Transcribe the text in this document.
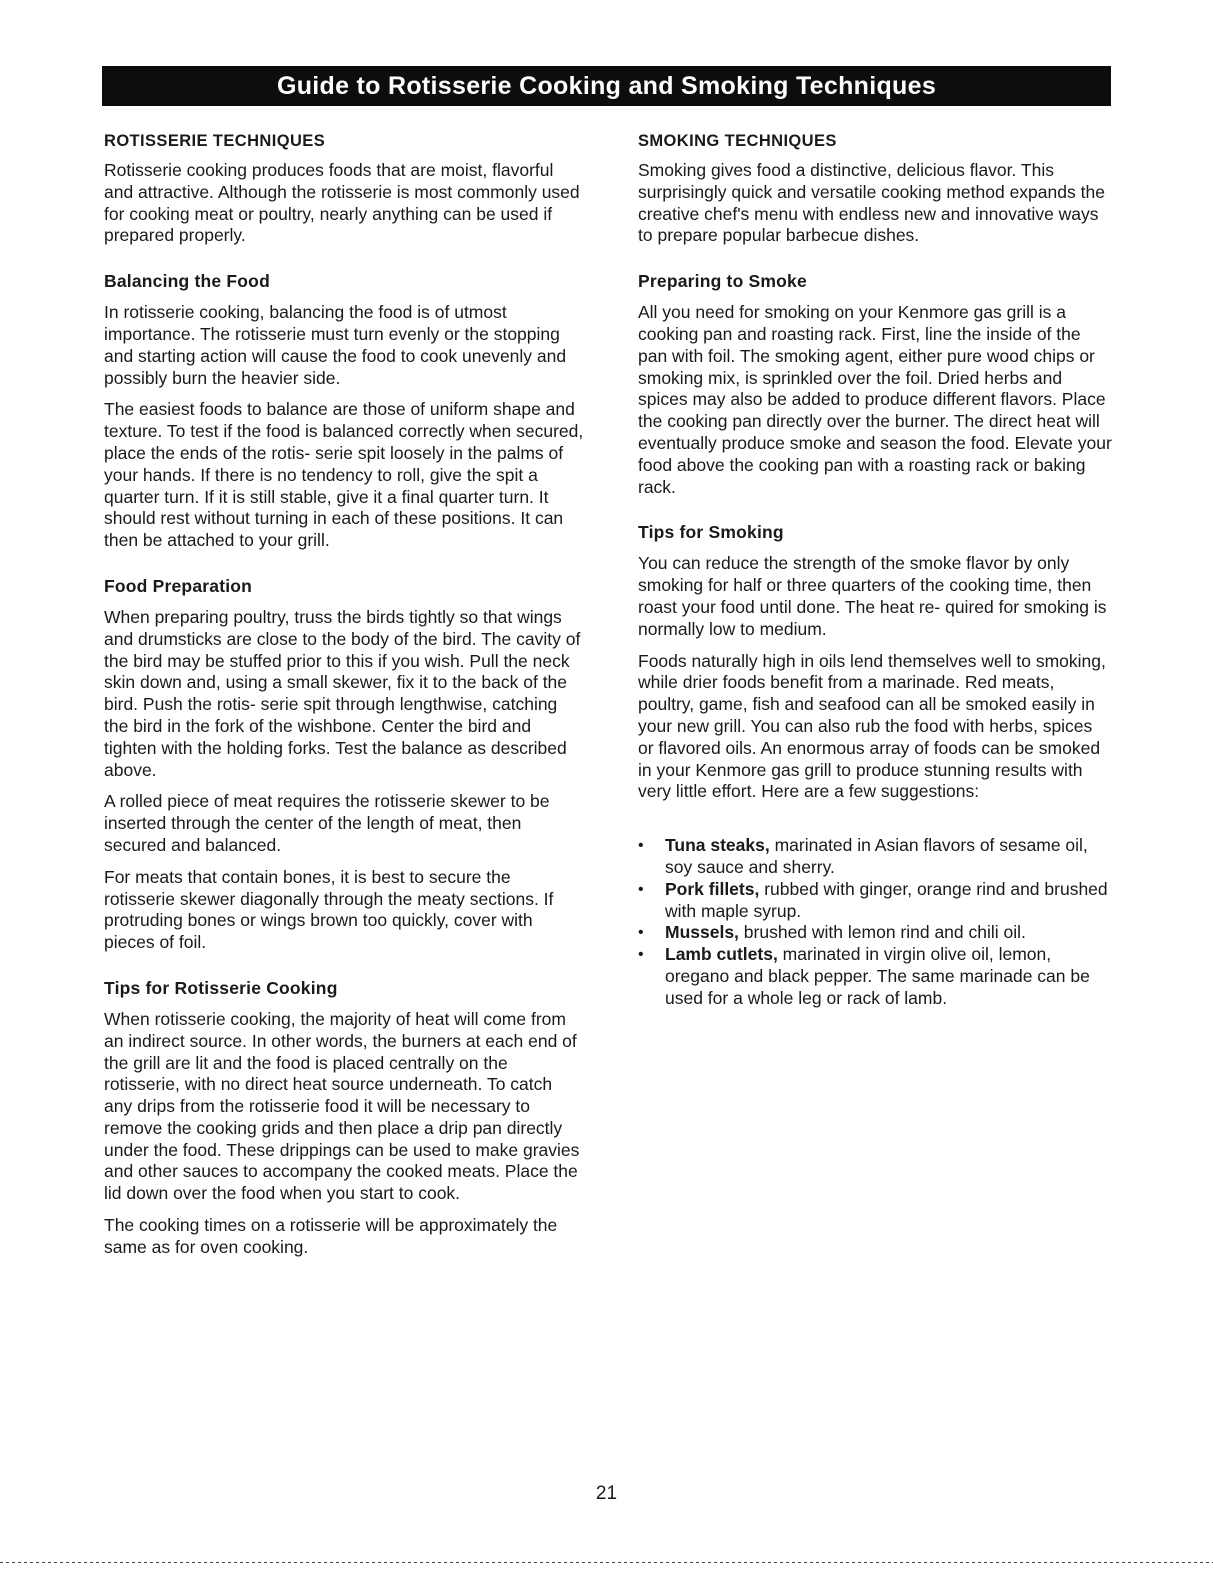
Guide to Rotisserie Cooking and Smoking Techniques
ROTISSERIE TECHNIQUES

Rotisserie cooking produces foods that are moist, flavorful and attractive. Although the rotisserie is most commonly used for cooking meat or poultry, nearly anything can be used if prepared properly.

Balancing the Food

In rotisserie cooking, balancing the food is of utmost importance. The rotisserie must turn evenly or the stopping and starting action will cause the food to cook unevenly and possibly burn the heavier side.

The easiest foods to balance are those of uniform shape and texture. To test if the food is balanced correctly when secured, place the ends of the rotis- serie spit loosely in the palms of your hands. If there is no tendency to roll, give the spit a quarter turn. If it is still stable, give it a final quarter turn. It should rest without turning in each of these positions. It can then be attached to your grill.

Food Preparation

When preparing poultry, truss the birds tightly so that wings and drumsticks are close to the body of the bird. The cavity of the bird may be stuffed prior to this if you wish. Pull the neck skin down and, using a small skewer, fix it to the back of the bird. Push the rotis- serie spit through lengthwise, catching the bird in the fork of the wishbone. Center the bird and tighten with the holding forks. Test the balance as described above.

A rolled piece of meat requires the rotisserie skewer to be inserted through the center of the length of meat, then secured and balanced.

For meats that contain bones, it is best to secure the rotisserie skewer diagonally through the meaty sections. If protruding bones or wings brown too quickly, cover with pieces of foil.

Tips for Rotisserie Cooking

When rotisserie cooking, the majority of heat will come from an indirect source. In other words, the burners at each end of the grill are lit and the food is placed centrally on the rotisserie, with no direct heat source underneath. To catch any drips from the rotisserie food it will be necessary to remove the cooking grids and then place a drip pan directly under the food. These drippings can be used to make gravies and other sauces to accompany the cooked meats. Place the lid down over the food when you start to cook.

The cooking times on a rotisserie will be approximately the same as for oven cooking.

SMOKING TECHNIQUES

Smoking gives food a distinctive, delicious flavor. This surprisingly quick and versatile cooking method expands the creative chef's menu with endless new and innovative ways to prepare popular barbecue dishes.

Preparing to Smoke

All you need for smoking on your Kenmore gas grill is a cooking pan and roasting rack. First, line the inside of the pan with foil. The smoking agent, either pure wood chips or smoking mix, is sprinkled over the foil. Dried herbs and spices may also be added to produce different flavors. Place the cooking pan directly over the burner. The direct heat will eventually produce smoke and season the food. Elevate your food above the cooking pan with a roasting rack or baking rack.

Tips for Smoking

You can reduce the strength of the smoke flavor by only smoking for half or three quarters of the cooking time, then roast your food until done. The heat re- quired for smoking is normally low to medium.

Foods naturally high in oils lend themselves well to smoking, while drier foods benefit from a marinade. Red meats, poultry, game, fish and seafood can all be smoked easily in your new grill. You can also rub the food with herbs, spices or flavored oils. An enormous array of foods can be smoked in your Kenmore gas grill to produce stunning results with very little effort. Here are a few suggestions:

• Tuna steaks, marinated in Asian flavors of sesame oil, soy sauce and sherry.
• Pork fillets, rubbed with ginger, orange rind and brushed with maple syrup.
• Mussels, brushed with lemon rind and chili oil.
• Lamb cutlets, marinated in virgin olive oil, lemon, oregano and black pepper. The same marinade can be used for a whole leg or rack of lamb.
21
